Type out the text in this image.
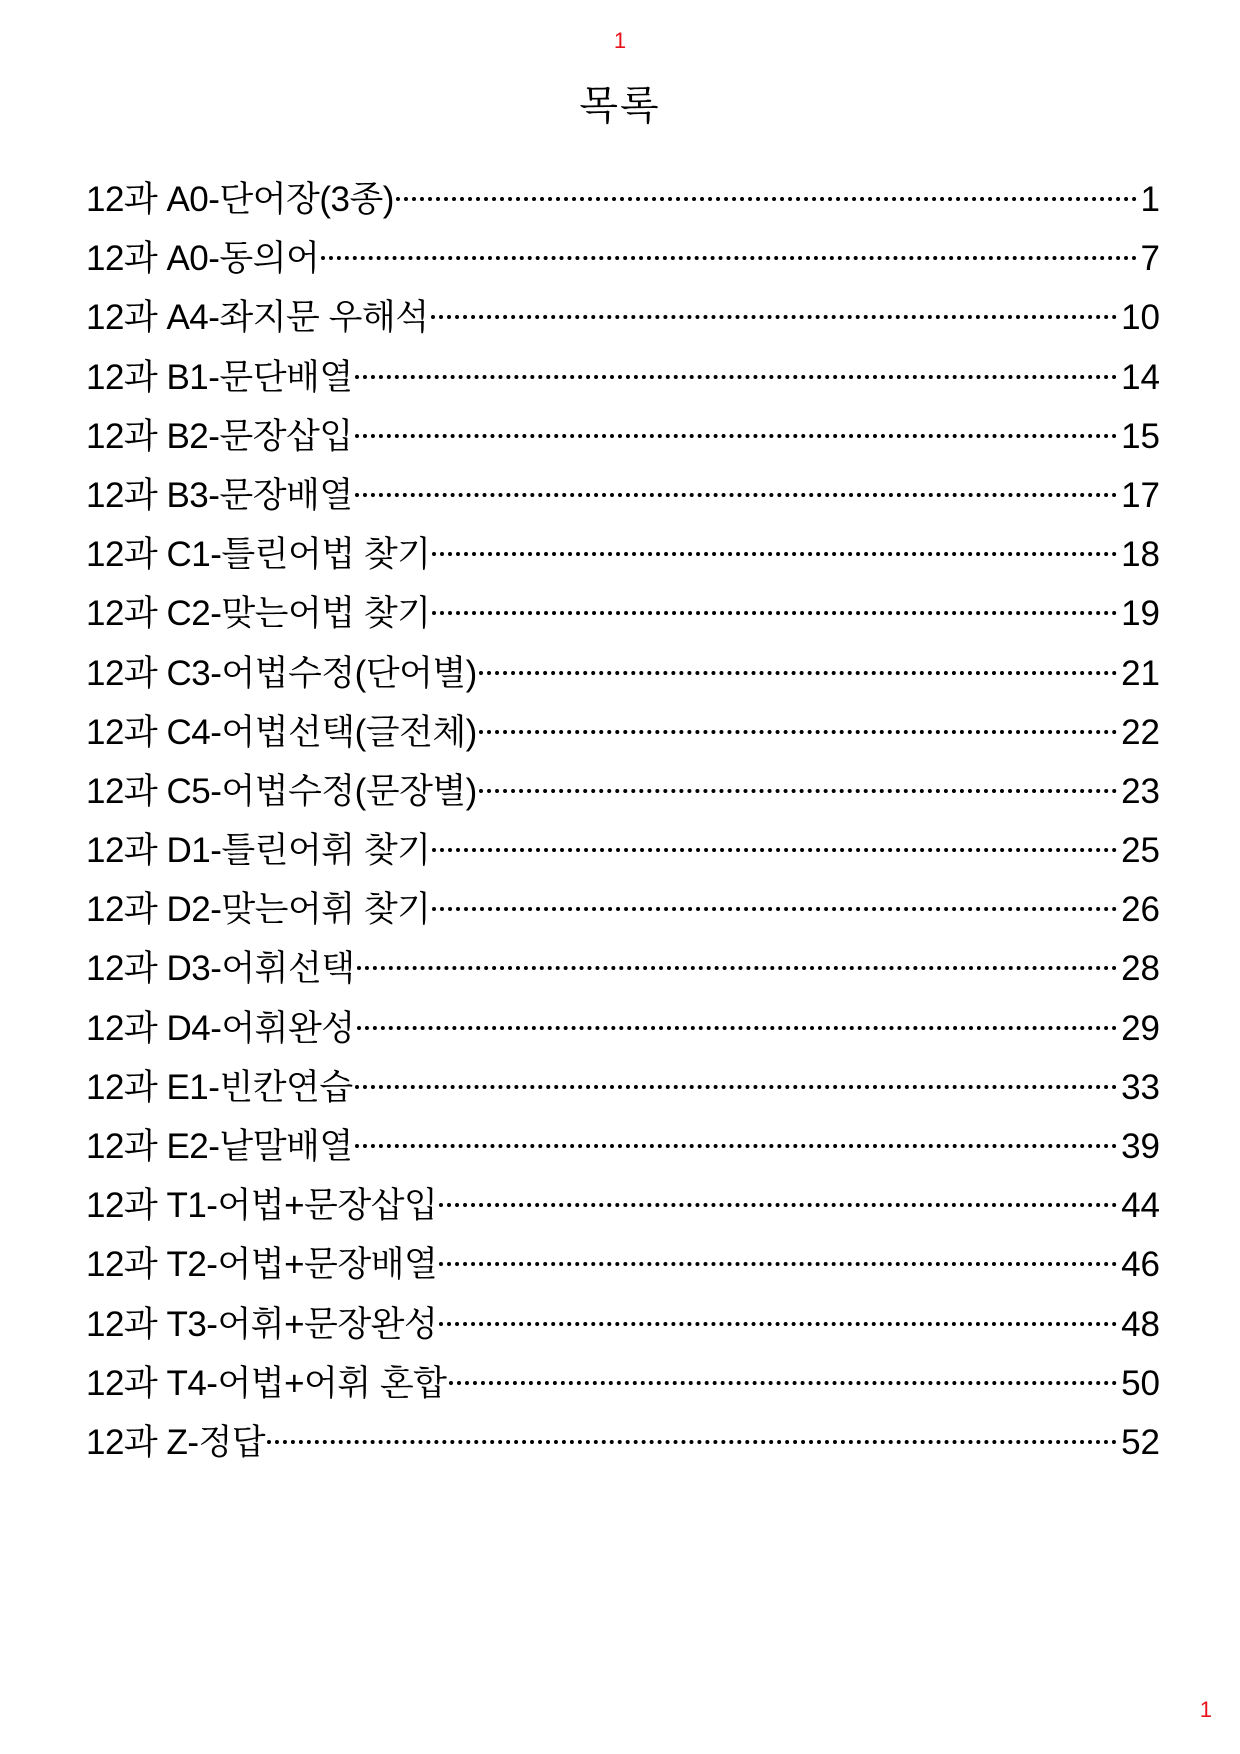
1
목록
12과 A0-단어장(3종)	1
12과 A0-동의어	7
12과 A4-좌지문 우해석	10
12과 B1-문단배열	14
12과 B2-문장삽입	15
12과 B3-문장배열	17
12과 C1-틀린어법 찾기	18
12과 C2-맞는어법 찾기	19
12과 C3-어법수정(단어별)	21
12과 C4-어법선택(글전체)	22
12과 C5-어법수정(문장별)	23
12과 D1-틀린어휘 찾기	25
12과 D2-맞는어휘 찾기	26
12과 D3-어휘선택	28
12과 D4-어휘완성	29
12과 E1-빈칸연습	33
12과 E2-낱말배열	39
12과 T1-어법+문장삽입	44
12과 T2-어법+문장배열	46
12과 T3-어휘+문장완성	48
12과 T4-어법+어휘 혼합	50
12과 Z-정답	52
1
